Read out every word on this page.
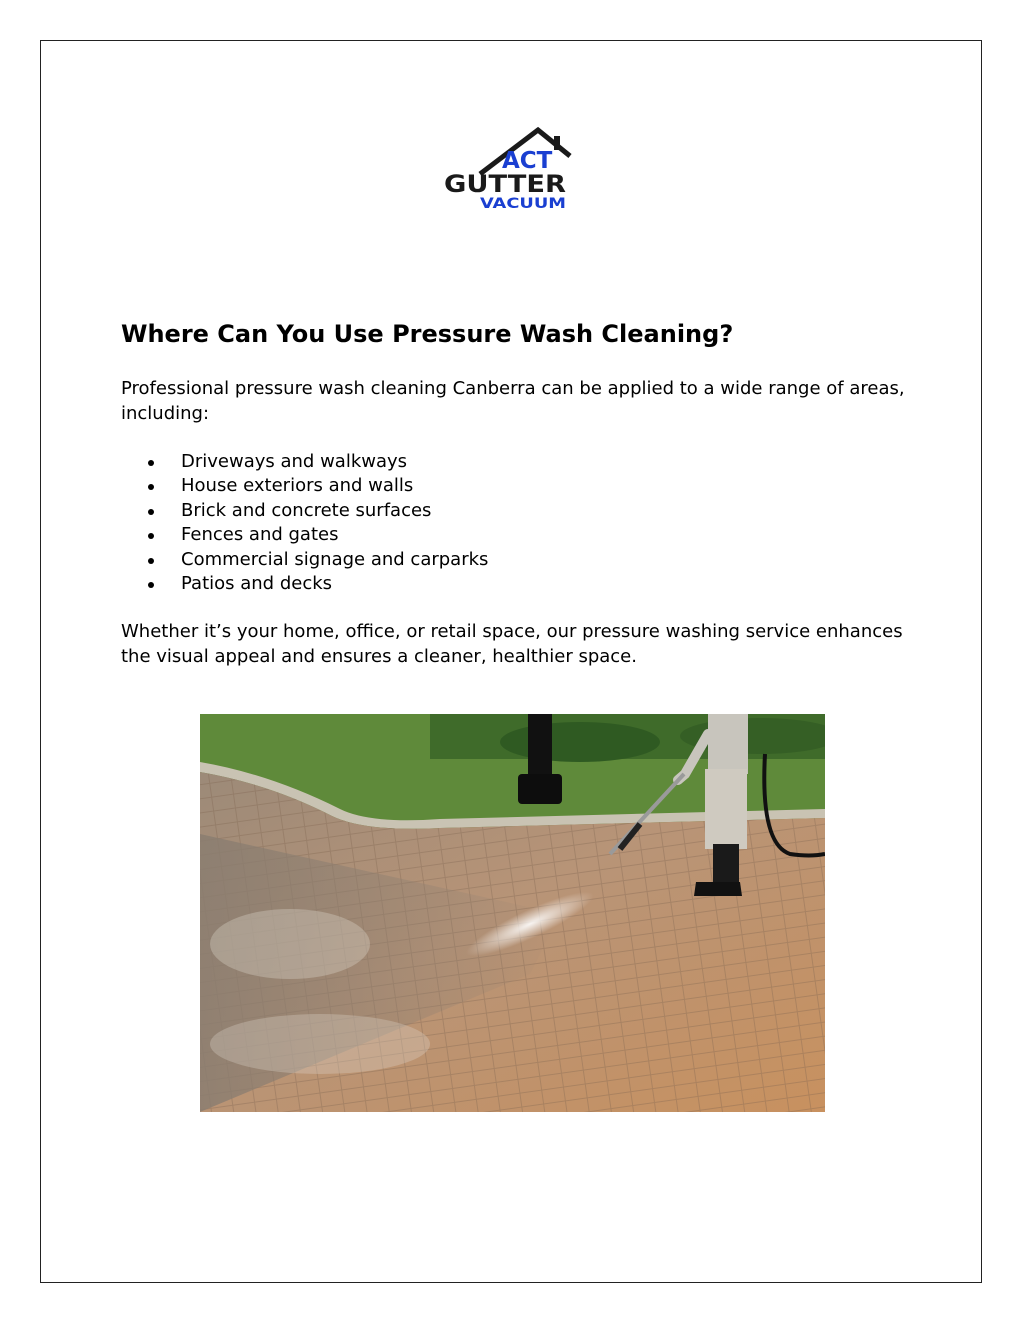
ACT
GUTTER
VACUUM
Where Can You Use Pressure Wash Cleaning?

Professional pressure wash cleaning Canberra can be applied to a wide range of areas, including:

Driveways and walkways
House exteriors and walls
Brick and concrete surfaces
Fences and gates
Commercial signage and carparks
Patios and decks

Whether it’s your home, office, or retail space, our pressure washing service enhances the visual appeal and ensures a cleaner, healthier space.
